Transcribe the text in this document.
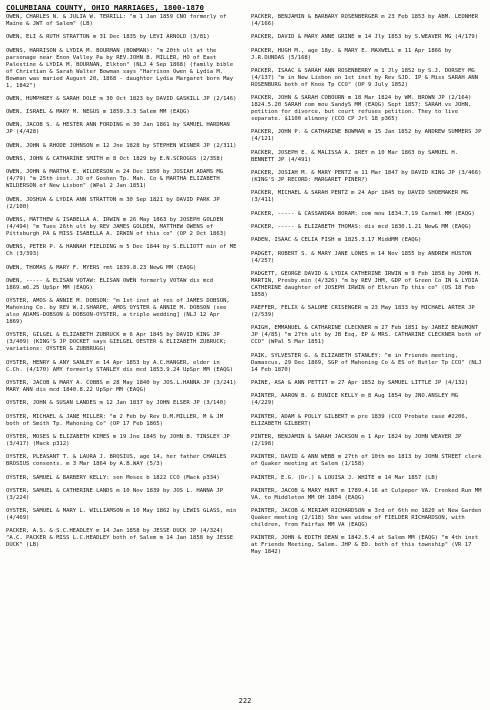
COLUMBIANA COUNTY, OHIO MARRIAGES, 1800-1870

OWEN, CHARLES N. & JULIA W. TERRILL: "m 1 Jan 1859 CNO formerly of Maine & JWT of Salem" (LB)

OWEN, ELI & RUTH STRATTON m 31 Dec 1835 by LEVI ARNOLD (3/81)

OWENS, HARRISON & LYDIA M. BOURMAN (BOWMAN): "m 20th ult at the parsonage near Enon Valley Pa by REV.JOHN B. MILLER, HO of East Palestine & LYDIA M. BOURNAN, Elkton" (NLJ 4 Sep 1868) (family bible of Christian & Sarah Walter Bowman says "Harrison Owen & Lydia M. Bowman was maried August 20, 1868 - daughter Lydia Margaret born May 1, 1842")

OWEN, HUMPHREY & SARAH DOLE m 30 Oct 1823 by DAVID GASKILL JP (2/146)

OWEN, ISRAEL & MARY M. NEGUS m 1859.3.3 Salem MM (EAQG)

OWEN, JACOB S. & HESTER ANN FORDING m 30 Jan 1861 by SAMUEL HARDMAN JP (4/428)

OWEN, JOHN & RHODE JOHNSON m 12 Jne 1828 by STEPHEN WISNER JP (2/311)

OWENS, JOHN & CATHARINE SMITH m 8 Oct 1829 by E.N.SCROGGS (2/358)

OWEN, JOHN & MARTHA E. WILDERSON m 24 Dec 1850 by JOSIAH ADAMS MG (4/79) "m 25th inst. JO of Goshen Tp. Mah. Co & MARTHA ELIZABETH WILDERSON of New Lisbon" (WPal 2 Jan 1851)

OWEN, JOSHUA & LYDIA ANN STRATTON m 30 Sep 1821 by DAVID PARK JP (2/100)

OWENS, MATTHEW & ISABELLA A. IRWIN m 26 May 1863 by JOSEPH GOLDEN (4/494) "m Tues 26th ult by REV JAMES GOLDEN, MATTHEW OWENS of Pittsburgh PA & MISS ISABELLA A. IRWIN of this co" (OP 2 Oct 1863)

OWENS, PETER P. & HANNAH FIELDING m 5 Dec 1844 by S.ELLIOTT min of ME Ch (3/393)

OWEN, THOMAS & MARY F. MYERS rmt 1839.8.23 NewG MM (EAQG)

OWEN, ----- & ELISAN VOTAW: ELISAN OWEN formerly VOTAW dis mcd 1869.m6.25 UpSpr MM (EAQG)

OYSTER, AMOS & ANNIE M. DOBSON: "m 1st inst at res of JAMES DOBSON, Mahoning Co. by REV W.J.SHARPE, AMOS OYSTER & ANNIE M. DOBSON (see also ADAMS-DOBSON & DOBSON-OYSTER, a triple wedding] (NLJ 12 Apr 1869)

OYSTER, GILGEL & ELIZABETH ZUBRUCK m 6 Apr 1845 by DAVID KING JP (3/409) (KING'S JP DOCKET says GIELGEL OESTER & ELIZABETH ZUBRUCK; variations: OYSTER & ZUBBRUGG)

OYSTER, HENRY & ANY SANLEY m 14 Apr 1853 by A.C.HANGER, elder in C.Ch. (4/170) AMY formerly STANLEY dis mcd 1853.9.24 UpSpr MM (EAQG)

OYSTER, JACOB & MARY A. COBBS m 28 May 1840 by JOS.L.HANNA JP (3/241) MARY ANN dis mcd 1840.8.22 UpSpr MM (EAQG)

OYSTER, JOHN & SUSAN LANDES m 12 Jan 1837 by JOHN ELSER JP (3/140)

OYSTER, MICHAEL & JANE MILLER: "m 2 Feb by Rev D.M.MILLER, M & JM both of Smith Tp. Mahoning Co" (OP 17 Feb 1865)

OYSTER, MOSES & ELIZABETH KIMES m 19 Jne 1845 by JOHN B. TINSLEY JP (3/417) (Mack p312)

OYSTER, PLEASANT T. & LAURA J. BROSIUS, age 14, her father CHARLES BROSIUS consents. m 3 Mar 1864 by A.B.WAY (5/3)

OYSTER, SAMUEL & BARBERY KELLY: son Moses b 1822 CCO (Mack p334)

OYSTER, SAMUEL & CATHERINE LANDS m 10 Nov 1839 by JOS L. HANNA JP (3/224)

OYSTER, SAMUEL & MARY L. WILLIAMSON m 10 May 1862 by LEWIS GLASS, min (4/469)

PACKER, A.S. & S.C.HEADLEY m 14 Jan 1858 by JESSE DUCK JP (4/324) "A.C. PACKER & MISS L.C.HEADLEY both of Salem m 14 Jan 1858 by JESSE DUCK" (LB)

PACKER, BENJAMIN & BARBARY ROSENBERGER m 23 Feb 1853 by ABM. LEONHER (4/166)

PACKER, DAVID & MARY ANNE GRINE m 14 Jly 1853 by S.WEAVER MG (4/179)

PACKER, HUGH M., age 18y. & MARY E. MAXWELL m 11 Apr 1866 by J.R.DUNDAS (5/168)

PACKER, ISAAC & SARAH ANN ROSENBERRY m 1 Jly 1852 by S.J. DORSEY MG (4/137) "m in New Lisbon on 1st inst by Rev SJD. IP & Miss SARAH ANN ROSENBURG both of Knox Tp CCO" (OP 9 July 1852)

PACKER, JOHN & SARAH COBOURN m 18 Mar 1824 by WM. BROWN JP (2/164) 1824.5.20 SARAH com mou SandyS MM (EAQG) Sept 1857: SARAH vs JOHN, petition for divorce, but court refuses petition. They to live separate. $1100 alimony (CCO CP Jrl 18 p365)

PACKER, JOHN P. & CATHARINE BOWMAN m 15 Jan 1852 by ANDREW SUMMERS JP (4/121)

PACKER, JOSEPH E. & MALISSA A. IREY m 10 Mar 1863 by SAMUEL H. BENNETT JP (4/491)

PACKER, JOSIAH M. & MARY PENTZ m 11 Mar 1847 by DAVID KING JP (3/466) (KING'S JP RECORD: MARGARET PINER?)

PACKER, MICHAEL & SARAH PENTZ m 24 Apr 1845 by DAVID SHOEMAKER MG (3/411)

PACKER, ----- & CASSANDRA BORAM: com mou 1834.7.19 Carmel MM (EAQG)

PACKER, ----- & ELIZABETH THOMAS: dis mcd 1830.1.21 NewG MM (EAQG)

PADEN, ISAAC & CELIA FISH m 1825.3.17 MiddMM (EAQG)

PADGET, ROBERT S. & MARY JANE LONES m 14 Nov 1855 by ANDREW HUSTON (4/257)

PADGETT, GEORGE DAVID & LYDIA CATHERINE IRWIN m 9 Feb 1858 by JOHN H. MARTIN, Presby.min (4/326) "m by REV JHM, GDP of Green Co IN & LYDIA CATHERINE daughter of JOSEPH IRWIN of Elkrun Tp this co" (OS 18 Feb 1858)

PAEFFER, FELIX & SALOME CRISENGER m 23 May 1833 by MICHAEL ARTER JP (2/539)

PAIGH, EMMANUEL & CATHARINE CLECKNER m 27 Feb 1851 by JABEZ BEAUMONT JP (4/85) "m 27th ult by JB Esq, EP & MRS. CATHARINE CLECKNER both of CCO" (WPal 5 Mar 1851)

PAIK, SYLVESTER G. & ELIZABETH STANLEY: "m in Friends meeting, Damascus, 29 Dec 1869, SGP of Mahoning Co & ES of Butler Tp CCO" (NLJ 14 Feb 1870)

PAINE, ASA & ANN PETTIT m 27 Apr 1852 by SAMUEL LITTLE JP (4/132)

PAINTER, AARON B. & EUNICE KELLY m 8 Aug 1854 by JNO.ANSLEY MG (4/229)

PAINTER, ADAM & POLLY GILBERT m pre 1839 (CCO Probate case #2206, ELIZABETH GILBERT)

PINTER, BENJAMIN & SARAH JACKSON m 1 Apr 1824 by JOHN WEAVER JP (2/198)

PAINTER, DAVID & ANN WEBB m 27th of 10th mo 1813 by JOHN STREET clerk of Quaker meeting at Salem (1/158)

PAINTER, E.G. (Dr.) & LOUISA J. WHITE m 14 Mar 1857 (LB)

PAINTER, JACOB & MARY HUNT m 1789.4.16 at Culpeper VA. Crooked Run MM VA. to Middleton MM OH 1804 (EAQG)

PAINTER, JACOB & MIRIAM RICHARDSON m 3rd of 6th mo 1820 at New Garden Quaker meeting (2/118) She was widow of FIELDER RICHARDSON, with children, from Fairfax MM VA (EAQG)

PAINTER, JOHN & EDITH DEAN m 1842.5.4 at Salem MM (EAQG) "m 4th inst at Friends Meeting, Salem. JHP & ED. both of this township" (VR 17 May 1842)

222
